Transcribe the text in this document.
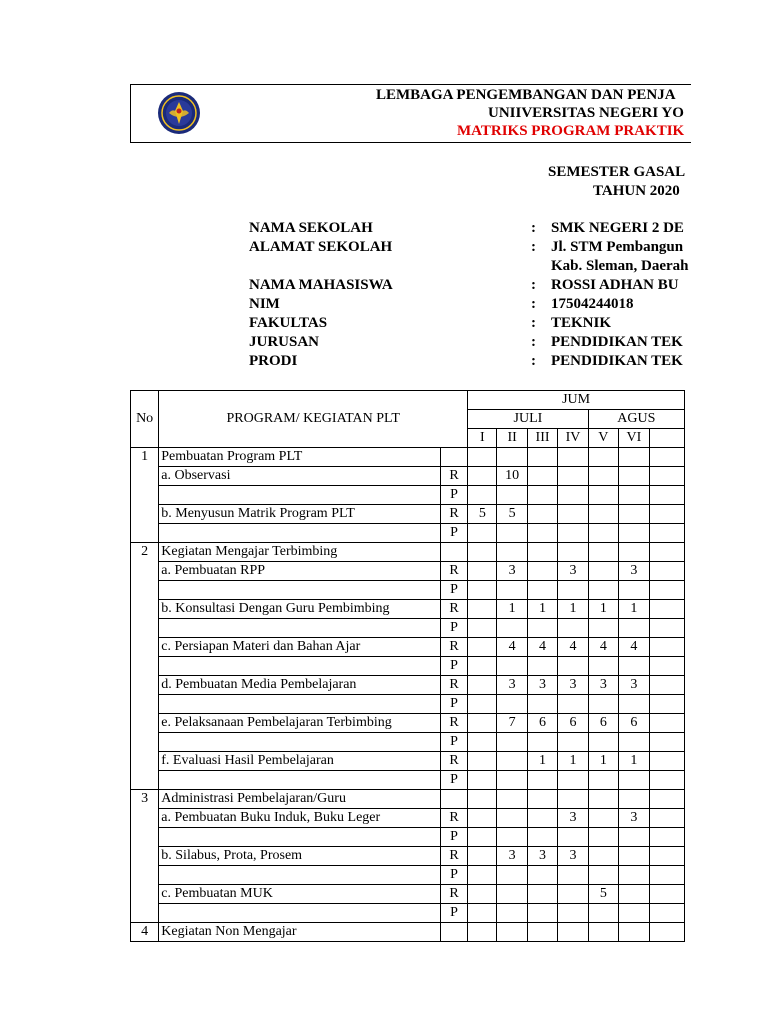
LEMBAGA PENGEMBANGAN DAN PENJA
UNIIVERSITAS NEGERI YO
MATRIKS PROGRAM PRAKTIK
SEMESTER GASAL
TAHUN 2020
NAMA SEKOLAH	: SMK NEGERI 2 DE
ALAMAT SEKOLAH	: Jl. STM Pembangun
Kab. Sleman, Daerah
NAMA MAHASISWA	: ROSSI ADHAN BU
NIM	: 17504244018
FAKULTAS	: TEKNIK
JURUSAN	: PENDIDIKAN TEK
PRODI	: PENDIDIKAN TEK
No	PROGRAM/ KEGIATAN PLT		JUM						
			JULI				AGUS		
			I	II	III	IV	V	VI	
1	Pembuatan Program PLT								
	a. Observasi	R		10					
		P							
	b. Menyusun Matrik Program PLT	R	5	5					
		P							
2	Kegiatan Mengajar Terbimbing								
	a. Pembuatan RPP	R		3		3		3	
		P							
	b. Konsultasi Dengan Guru Pembimbing	R		1	1	1	1	1	
		P							
	c. Persiapan Materi dan Bahan Ajar	R		4	4	4	4	4	
		P							
	d. Pembuatan Media Pembelajaran	R		3	3	3	3	3	
		P							
	e. Pelaksanaan Pembelajaran Terbimbing	R		7	6	6	6	6	
		P							
	f. Evaluasi Hasil Pembelajaran	R			1	1	1	1	
		P							
3	Administrasi Pembelajaran/Guru								
	a. Pembuatan Buku Induk, Buku Leger	R				3		3	
		P							
	b. Silabus, Prota, Prosem	R		3	3	3			
		P							
	c. Pembuatan MUK	R					5		
		P							
4	Kegiatan Non Mengajar								
